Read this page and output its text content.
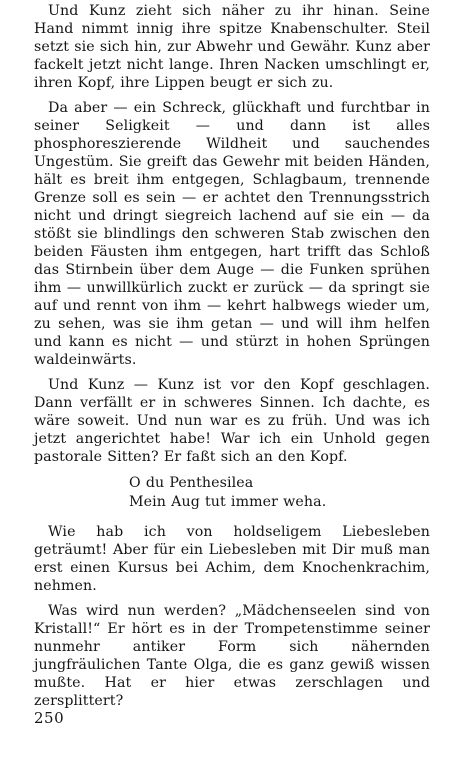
Und Kunz zieht sich näher zu ihr hinan. Seine Hand nimmt innig ihre spitze Knabenschulter. Steil setzt sie sich hin, zur Abwehr und Gewähr. Kunz aber fackelt jetzt nicht lange. Ihren Nacken umschlingt er, ihren Kopf, ihre Lippen beugt er sich zu.

Da aber — ein Schreck, glückhaft und furchtbar in seiner Seligkeit — und dann ist alles phosphoreszierende Wildheit und sauchendes Ungestüm. Sie greift das Gewehr mit beiden Händen, hält es breit ihm entgegen, Schlagbaum, trennende Grenze soll es sein — er achtet den Trennungsstrich nicht und dringt siegreich lachend auf sie ein — da stößt sie blindlings den schweren Stab zwischen den beiden Fäusten ihm entgegen, hart trifft das Schloß das Stirnbein über dem Auge — die Funken sprühen ihm — unwillkürlich zuckt er zurück — da springt sie auf und rennt von ihm — kehrt halbwegs wieder um, zu sehen, was sie ihm getan — und will ihm helfen und kann es nicht — und stürzt in hohen Sprüngen waldeinwärts.

Und Kunz — Kunz ist vor den Kopf geschlagen. Dann verfällt er in schweres Sinnen. Ich dachte, es wäre soweit. Und nun war es zu früh. Und was ich jetzt angerichtet habe! War ich ein Unhold gegen pastorale Sitten? Er faßt sich an den Kopf.

O du Penthesilea
Mein Aug tut immer weha.

Wie hab ich von holdseligem Liebesleben geträumt! Aber für ein Liebesleben mit Dir muß man erst einen Kursus bei Achim, dem Knochenkrachim, nehmen.

Was wird nun werden? „Mädchenseelen sind von Kristall!“ Er hört es in der Trompetenstimme seiner nunmehr antiker Form sich nähernden jungfräulichen Tante Olga, die es ganz gewiß wissen mußte. Hat er hier etwas zerschlagen und zersplittert?

250
